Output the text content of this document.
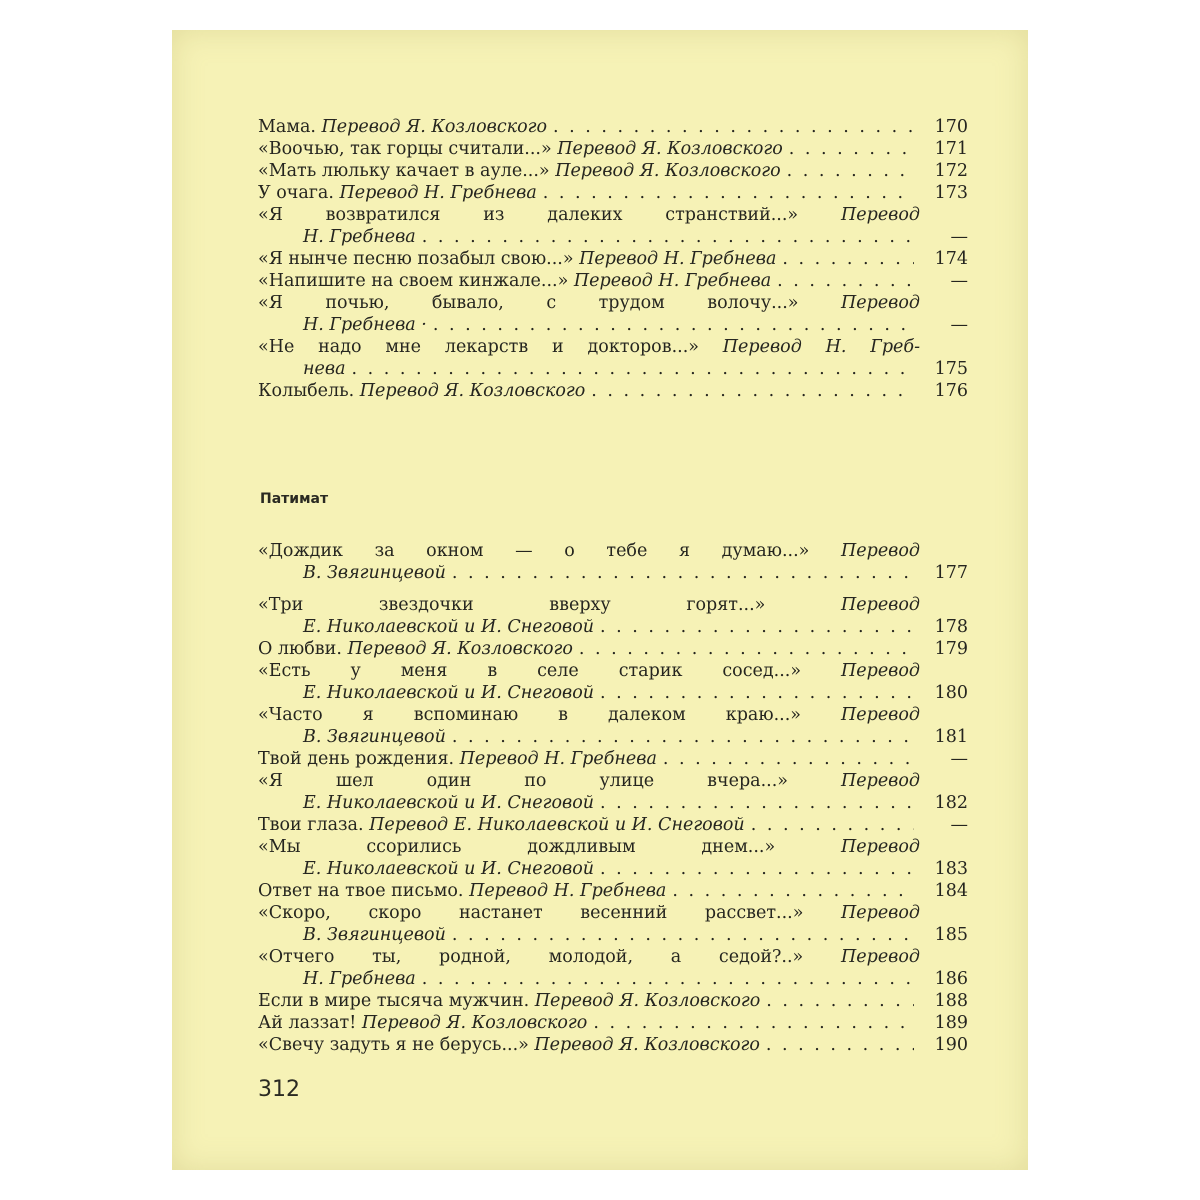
Мама. Перевод Я. Козловского . . .	170
«Воочью, так горцы считали...» Перевод Я. Козловского . . .	171
«Мать люльку качает в ауле...» Перевод Я. Козловского . . .	172
У очага. Перевод Н. Гребнева . . .	173
«Я возвратился из далеких странствий...» Перевод
Н. Гребнева . . .	—
«Я нынче песню позабыл свою...» Перевод Н. Гребнева . . .	174
«Напишите на своем кинжале...» Перевод Н. Гребнева . . .	—
«Я почью, бывало, с трудом волочу...» Перевод
Н. Гребнева · . . .	—
«Не надо мне лекарств и докторов...» Перевод Н. Греб-
нева . . .	175
Колыбель. Перевод Я. Козловского . . .	176
Патимат
«Дождик за окном — о тебе я думаю...» Перевод
В. Звягинцевой . . .	177
«Три звездочки вверху горят...» Перевод
Е. Николаевской и И. Снеговой . . .	178
О любви. Перевод Я. Козловского . . .	179
«Есть у меня в селе старик сосед...» Перевод
Е. Николаевской и И. Снеговой . . .	180
«Часто я вспоминаю в далеком краю...» Перевод
В. Звягинцевой . . .	181
Твой день рождения. Перевод Н. Гребнева . . .	—
«Я шел один по улице вчера...» Перевод
Е. Николаевской и И. Снеговой . . .	182
Твои глаза. Перевод Е. Николаевской и И. Снеговой . . .	—
«Мы ссорились дождливым днем...» Перевод
Е. Николаевской и И. Снеговой . . .	183
Ответ на твое письмо. Перевод Н. Гребнева . . .	184
«Скоро, скоро настанет весенний рассвет...» Перевод
В. Звягинцевой . . .	185
«Отчего ты, родной, молодой, а седой?..» Перевод
Н. Гребнева . . .	186
Если в мире тысяча мужчин. Перевод Я. Козловского . . .	188
Ай лаззат! Перевод Я. Козловского . . .	189
«Свечу задуть я не берусь...» Перевод Я. Козловского . . .	190
312
